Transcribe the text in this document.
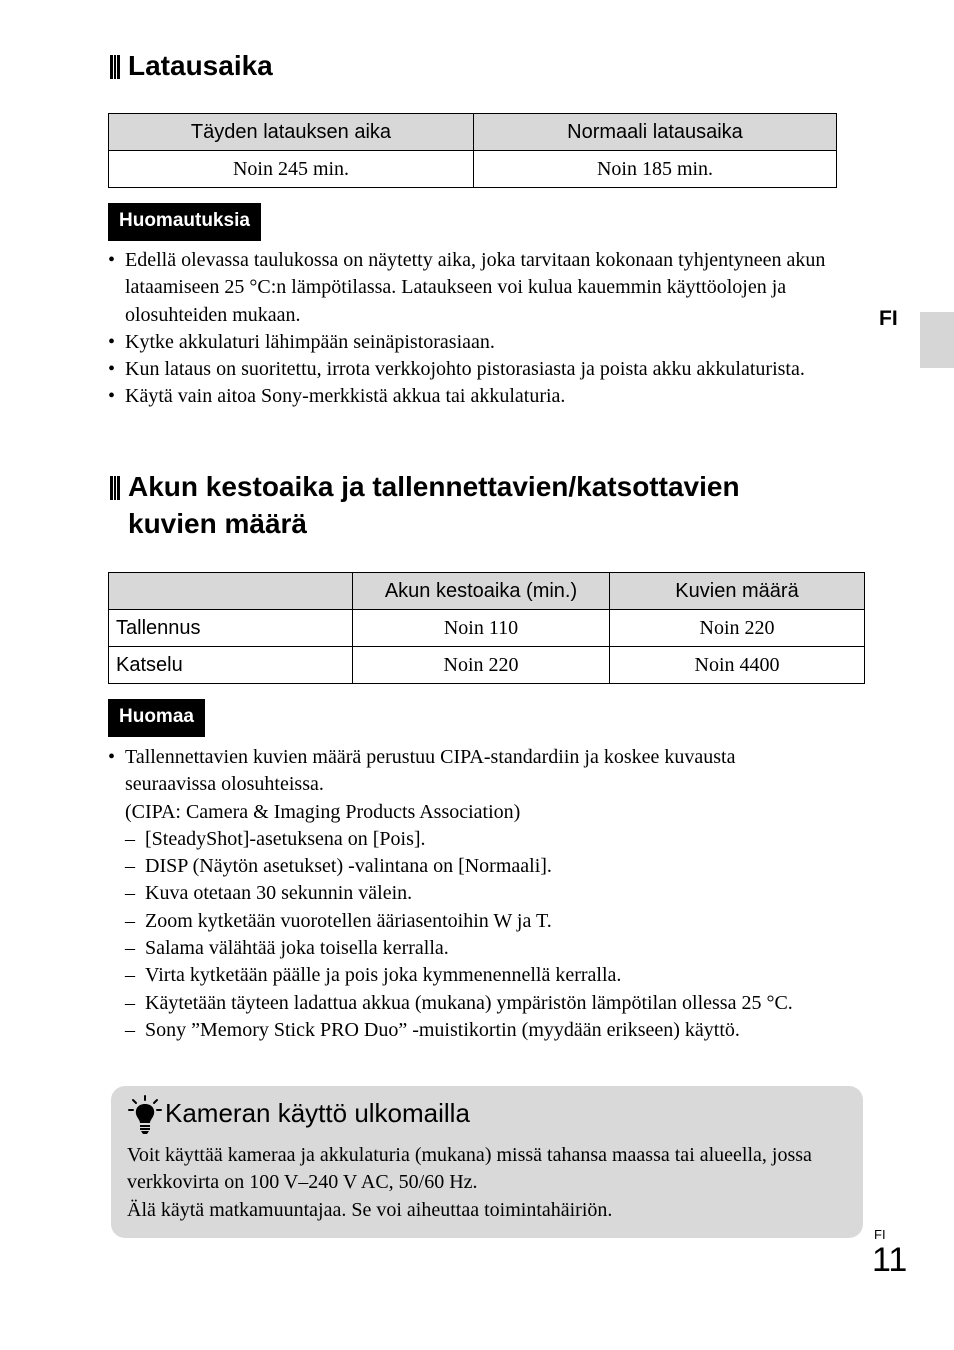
FI
Latausaika
Täyden latauksen aika	Normaali latausaika
Noin 245 min.	Noin 185 min.
Huomautuksia
• Edellä olevassa taulukossa on näytetty aika, joka tarvitaan kokonaan tyhjentyneen akun lataamiseen 25 °C:n lämpötilassa. Lataukseen voi kulua kauemmin käyttöolojen ja olosuhteiden mukaan.
• Kytke akkulaturi lähimpään seinäpistorasiaan.
• Kun lataus on suoritettu, irrota verkkojohto pistorasiasta ja poista akku akkulaturista.
• Käytä vain aitoa Sony-merkkistä akkua tai akkulaturia.
Akun kestoaika ja tallennettavien/katsottavien
kuvien määrä
	Akun kestoaika (min.)	Kuvien määrä
Tallennus	Noin 110	Noin 220
Katselu	Noin 220	Noin 4400
Huomaa
• Tallennettavien kuvien määrä perustuu CIPA-standardiin ja koskee kuvausta seuraavissa olosuhteissa.
(CIPA: Camera & Imaging Products Association)
– [SteadyShot]-asetuksena on [Pois].
– DISP (Näytön asetukset) -valintana on [Normaali].
– Kuva otetaan 30 sekunnin välein.
– Zoom kytketään vuorotellen ääriasentoihin W ja T.
– Salama välähtää joka toisella kerralla.
– Virta kytketään päälle ja pois joka kymmenennellä kerralla.
– Käytetään täyteen ladattua akkua (mukana) ympäristön lämpötilan ollessa 25 °C.
– Sony ”Memory Stick PRO Duo” -muistikortin (myydään erikseen) käyttö.
Kameran käyttö ulkomailla
Voit käyttää kameraa ja akkulaturia (mukana) missä tahansa maassa tai alueella, jossa verkkovirta on 100 V–240 V AC, 50/60 Hz.
Älä käytä matkamuuntajaa. Se voi aiheuttaa toimintahäiriön.
FI
11
